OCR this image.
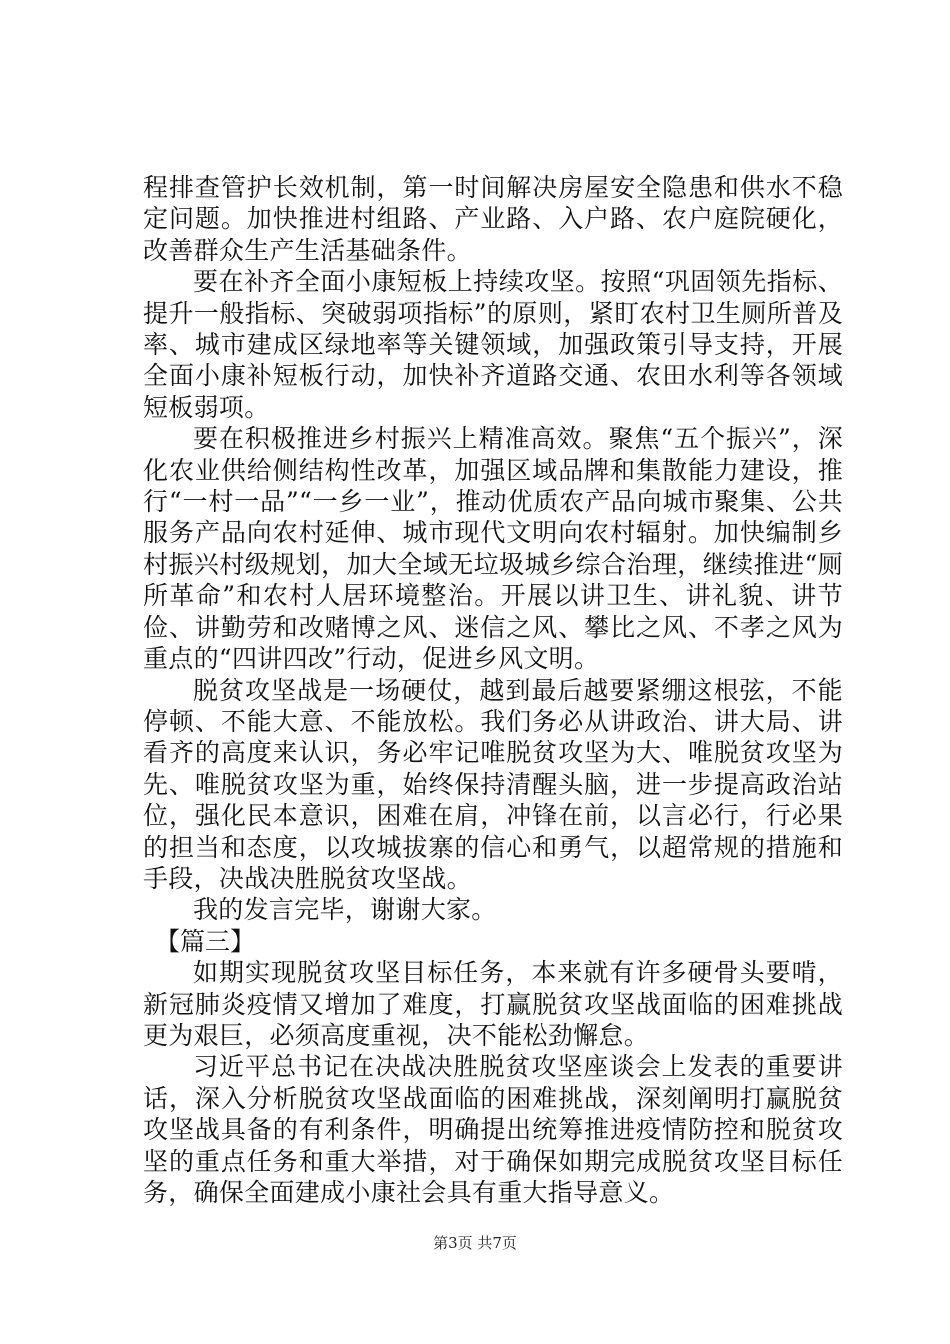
程排查管护长效机制，第一时间解决房屋安全隐患和供水不稳定问题。加快推进村组路、产业路、入户路、农户庭院硬化，改善群众生产生活基础条件。

要在补齐全面小康短板上持续攻坚。按照“巩固领先指标、提升一般指标、突破弱项指标”的原则，紧盯农村卫生厕所普及率、城市建成区绿地率等关键领域，加强政策引导支持，开展全面小康补短板行动，加快补齐道路交通、农田水利等各领域短板弱项。

要在积极推进乡村振兴上精准高效。聚焦“五个振兴”，深化农业供给侧结构性改革，加强区域品牌和集散能力建设，推行“一村一品”“一乡一业”，推动优质农产品向城市聚集、公共服务产品向农村延伸、城市现代文明向农村辐射。加快编制乡村振兴村级规划，加大全域无垃圾城乡综合治理，继续推进“厕所革命”和农村人居环境整治。开展以讲卫生、讲礼貌、讲节俭、讲勤劳和改赌博之风、迷信之风、攀比之风、不孝之风为重点的“四讲四改”行动，促进乡风文明。

脱贫攻坚战是一场硬仗，越到最后越要紧绷这根弦，不能停顿、不能大意、不能放松。我们务必从讲政治、讲大局、讲看齐的高度来认识，务必牢记唯脱贫攻坚为大、唯脱贫攻坚为先、唯脱贫攻坚为重，始终保持清醒头脑，进一步提高政治站位，强化民本意识，困难在肩，冲锋在前，以言必行，行必果的担当和态度，以攻城拔寨的信心和勇气，以超常规的措施和手段，决战决胜脱贫攻坚战。

我的发言完毕，谢谢大家。

【篇三】

如期实现脱贫攻坚目标任务，本来就有许多硬骨头要啃，新冠肺炎疫情又增加了难度，打赢脱贫攻坚战面临的困难挑战更为艰巨，必须高度重视，决不能松劲懈怠。

习近平总书记在决战决胜脱贫攻坚座谈会上发表的重要讲话，深入分析脱贫攻坚战面临的困难挑战，深刻阐明打赢脱贫攻坚战具备的有利条件，明确提出统筹推进疫情防控和脱贫攻坚的重点任务和重大举措，对于确保如期完成脱贫攻坚目标任务，确保全面建成小康社会具有重大指导意义。

第3页 共7页
